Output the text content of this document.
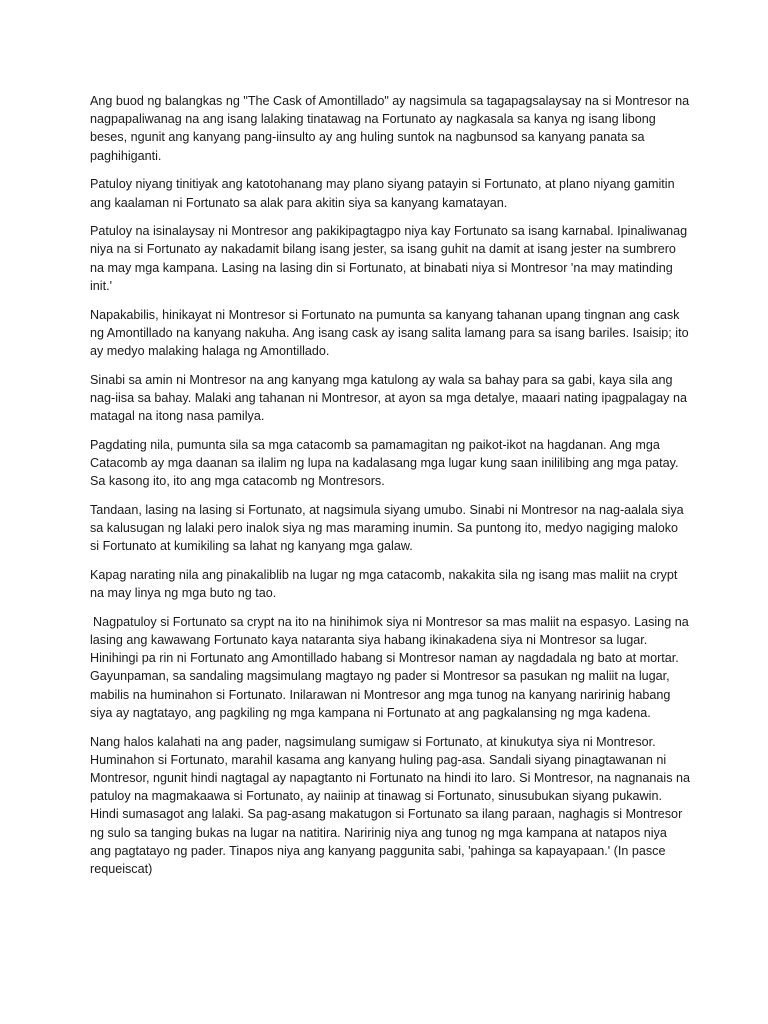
Ang buod ng balangkas ng "The Cask of Amontillado" ay nagsimula sa tagapagsalaysay na si Montresor na nagpapaliwanag na ang isang lalaking tinatawag na Fortunato ay nagkasala sa kanya ng isang libong beses, ngunit ang kanyang pang-iinsulto ay ang huling suntok na nagbunsod sa kanyang panata sa paghihiganti.

Patuloy niyang tinitiyak ang katotohanang may plano siyang patayin si Fortunato, at plano niyang gamitin ang kaalaman ni Fortunato sa alak para akitin siya sa kanyang kamatayan.

Patuloy na isinalaysay ni Montresor ang pakikipagtagpo niya kay Fortunato sa isang karnabal. Ipinaliwanag niya na si Fortunato ay nakadamit bilang isang jester, sa isang guhit na damit at isang jester na sumbrero na may mga kampana. Lasing na lasing din si Fortunato, at binabati niya si Montresor 'na may matinding init.'

Napakabilis, hinikayat ni Montresor si Fortunato na pumunta sa kanyang tahanan upang tingnan ang cask ng Amontillado na kanyang nakuha. Ang isang cask ay isang salita lamang para sa isang bariles. Isaisip; ito ay medyo malaking halaga ng Amontillado.

Sinabi sa amin ni Montresor na ang kanyang mga katulong ay wala sa bahay para sa gabi, kaya sila ang nag-iisa sa bahay. Malaki ang tahanan ni Montresor, at ayon sa mga detalye, maaari nating ipagpalagay na matagal na itong nasa pamilya.

Pagdating nila, pumunta sila sa mga catacomb sa pamamagitan ng paikot-ikot na hagdanan. Ang mga Catacomb ay mga daanan sa ilalim ng lupa na kadalasang mga lugar kung saan inililibing ang mga patay. Sa kasong ito, ito ang mga catacomb ng Montresors.

Tandaan, lasing na lasing si Fortunato, at nagsimula siyang umubo. Sinabi ni Montresor na nag-aalala siya sa kalusugan ng lalaki pero inalok siya ng mas maraming inumin. Sa puntong ito, medyo nagiging maloko si Fortunato at kumikiling sa lahat ng kanyang mga galaw.

Kapag narating nila ang pinakaliblib na lugar ng mga catacomb, nakakita sila ng isang mas maliit na crypt na may linya ng mga buto ng tao.

Nagpatuloy si Fortunato sa crypt na ito na hinihimok siya ni Montresor sa mas maliit na espasyo. Lasing na lasing ang kawawang Fortunato kaya nataranta siya habang ikinakadena siya ni Montresor sa lugar. Hinihingi pa rin ni Fortunato ang Amontillado habang si Montresor naman ay nagdadala ng bato at mortar. Gayunpaman, sa sandaling magsimulang magtayo ng pader si Montresor sa pasukan ng maliit na lugar, mabilis na huminahon si Fortunato. Inilarawan ni Montresor ang mga tunog na kanyang naririnig habang siya ay nagtatayo, ang pagkiling ng mga kampana ni Fortunato at ang pagkalansing ng mga kadena.

Nang halos kalahati na ang pader, nagsimulang sumigaw si Fortunato, at kinukutya siya ni Montresor. Huminahon si Fortunato, marahil kasama ang kanyang huling pag-asa. Sandali siyang pinagtawanan ni Montresor, ngunit hindi nagtagal ay napagtanto ni Fortunato na hindi ito laro. Si Montresor, na nagnanais na patuloy na magmakaawa si Fortunato, ay naiinip at tinawag si Fortunato, sinusubukan siyang pukawin. Hindi sumasagot ang lalaki. Sa pag-asang makatugon si Fortunato sa ilang paraan, naghagis si Montresor ng sulo sa tanging bukas na lugar na natitira. Naririnig niya ang tunog ng mga kampana at natapos niya ang pagtatayo ng pader. Tinapos niya ang kanyang paggunita sabi, 'pahinga sa kapayapaan.' (In pasce requeiscat)
